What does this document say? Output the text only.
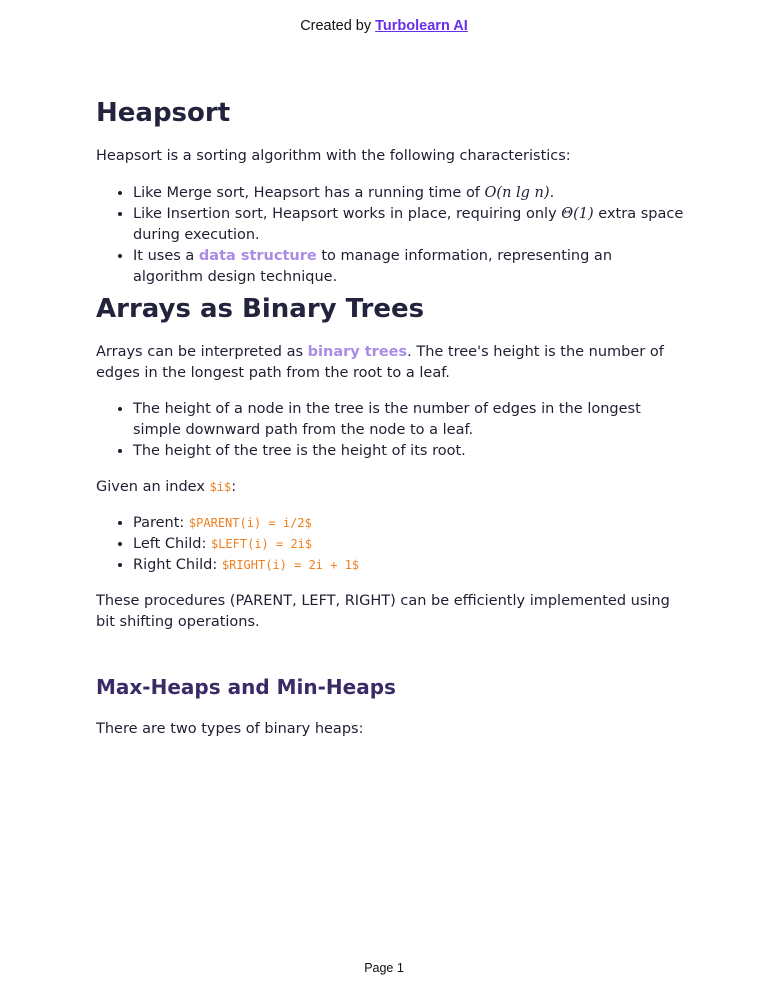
Created by Turbolearn AI
Heapsort

Heapsort is a sorting algorithm with the following characteristics:

• Like Merge sort, Heapsort has a running time of O(n lg n).
• Like Insertion sort, Heapsort works in place, requiring only Θ(1) extra space during execution.
• It uses a data structure to manage information, representing an algorithm design technique.
Arrays as Binary Trees

Arrays can be interpreted as binary trees. The tree's height is the number of edges in the longest path from the root to a leaf.

• The height of a node in the tree is the number of edges in the longest simple downward path from the node to a leaf.
• The height of the tree is the height of its root.

Given an index $i$:

• Parent: $PARENT(i) = i/2$
• Left Child: $LEFT(i) = 2i$
• Right Child: $RIGHT(i) = 2i + 1$

These procedures (PARENT, LEFT, RIGHT) can be efficiently implemented using bit shifting operations.

Max-Heaps and Min-Heaps

There are two types of binary heaps:

Page 1
